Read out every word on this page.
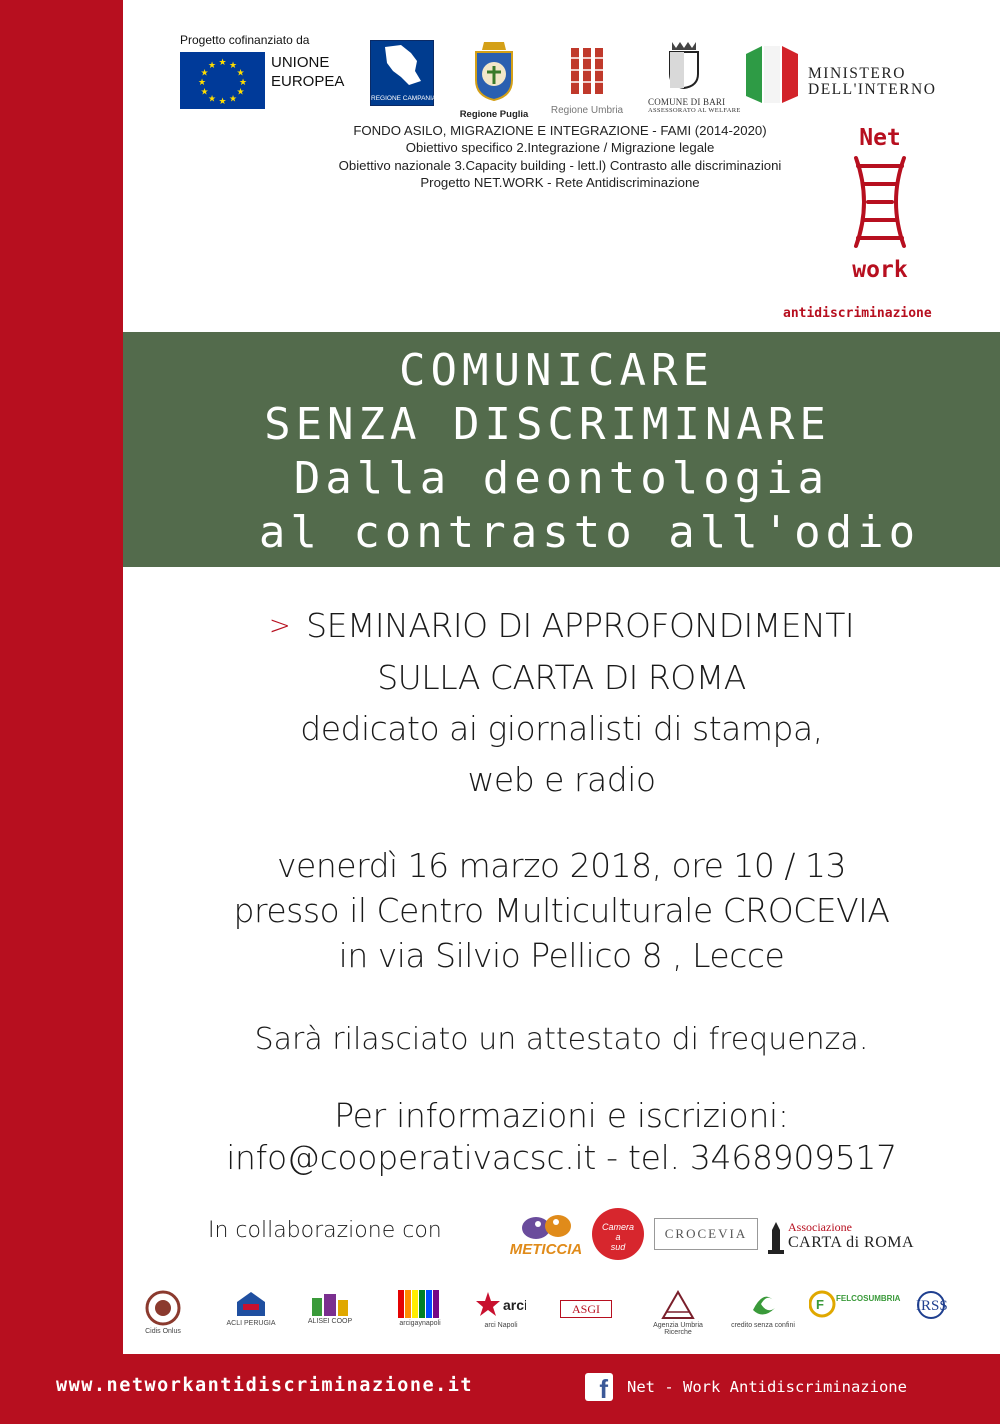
Progetto cofinanziato da
★ ★
★
★
★
★
★
★
★
★
★
★	UNIONE
EUROPEA
REGIONE CAMPANIA
Regione Puglia	Regione Umbria
COMUNE DI BARI
ASSESSORATO AL WELFARE
MINISTERO
DELL'INTERNO
FONDO ASILO, MIGRAZIONE E INTEGRAZIONE - FAMI (2014-2020)
Obiettivo specifico 2.Integrazione / Migrazione legale
Obiettivo nazionale 3.Capacity building - lett.l) Contrasto alle discriminazioni
Progetto NET.WORK - Rete Antidiscriminazione
Net
work
antidiscriminazione
COMUNICARE
SENZA DISCRIMINARE
Dalla deontologia
al contrasto all'odio
> SEMINARIO DI APPROFONDIMENTI
SULLA CARTA DI ROMA
dedicato ai giornalisti di stampa,
web e radio
venerdì 16 marzo 2018, ore 10 / 13
presso il Centro Multiculturale CROCEVIA
in via Silvio Pellico 8 , Lecce
Sarà rilasciato un attestato di frequenza.
Per informazioni e iscrizioni:
info@cooperativacsc.it - tel. 3468909517
In collaborazione con
METICCIA
Camera
a
sud
CROCEVIA	Associazione
CARTA di ROMA
Cidis Onlus
ACLI PERUGIA	ALISEI COOP	arcigaynapoli
arci
arci Napoli
ASGI
Agenzia Umbria Ricerche
credito senza confini
F FELCOSUMBRIA IRSS
www.networkantidiscriminazione.it	f Net - Work Antidiscriminazione
